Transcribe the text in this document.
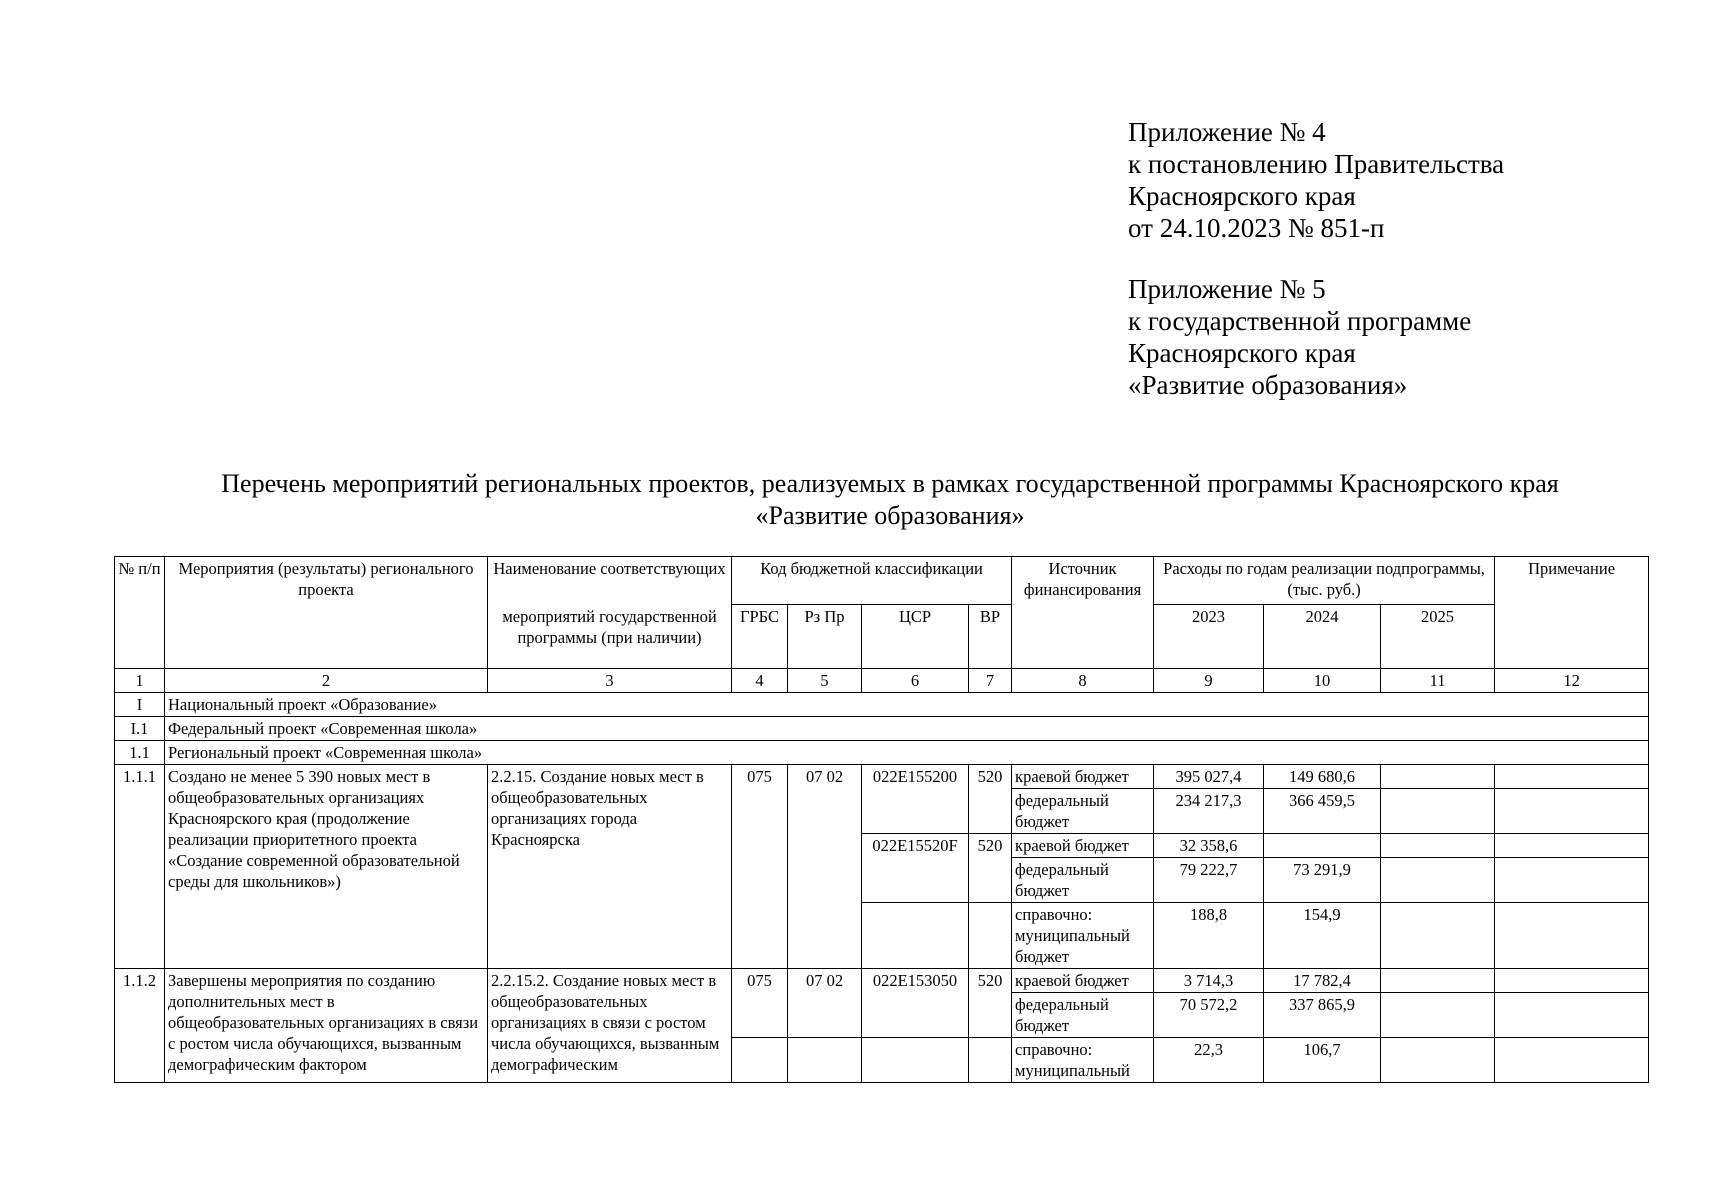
Приложение № 4
к постановлению Правительства
Красноярского края
от 24.10.2023 № 851-п
Приложение № 5
к государственной программе
Красноярского края
«Развитие образования»
Перечень мероприятий региональных проектов, реализуемых в рамках государственной программы Красноярского края
«Развитие образования»
№ п/п	Мероприятия (результаты) регионального проекта	Наименование соответствующих	Код бюджетной классификации				Источник финансирования	Расходы по годам реализации подпрограммы, (тыс. руб.)			Примечание
		мероприятий государственной программы (при наличии)	ГРБС	Рз Пр	ЦСР	ВР		2023	2024	2025	
1	2	3	4	5	6	7	8	9	10	11	12
I	Национальный проект «Образование»										
I.1	Федеральный проект «Современная школа»										
1.1	Региональный проект «Современная школа»										
1.1.1	Создано не менее 5 390 новых мест в общеобразовательных организациях Красноярского края (продолжение реализации приоритетного проекта «Создание современной образовательной среды для школьников»)	2.2.15. Создание новых мест в общеобразовательных организациях города Красноярска	075	07 02	022E155200	520	краевой бюджет	395 027,4	149 680,6		
							федеральный бюджет	234 217,3	366 459,5		
					022E15520F	520	краевой бюджет	32 358,6			
							федеральный бюджет	79 222,7	73 291,9		
							справочно: муниципальный бюджет	188,8	154,9		
1.1.2	Завершены мероприятия по созданию дополнительных мест в общеобразовательных организациях в связи с ростом числа обучающихся, вызванным демографическим фактором	2.2.15.2. Создание новых мест в общеобразовательных организациях в связи с ростом числа обучающихся, вызванным демографическим	075	07 02	022E153050	520	краевой бюджет	3 714,3	17 782,4		
							федеральный бюджет	70 572,2	337 865,9		
							справочно: муниципальный	22,3	106,7		
